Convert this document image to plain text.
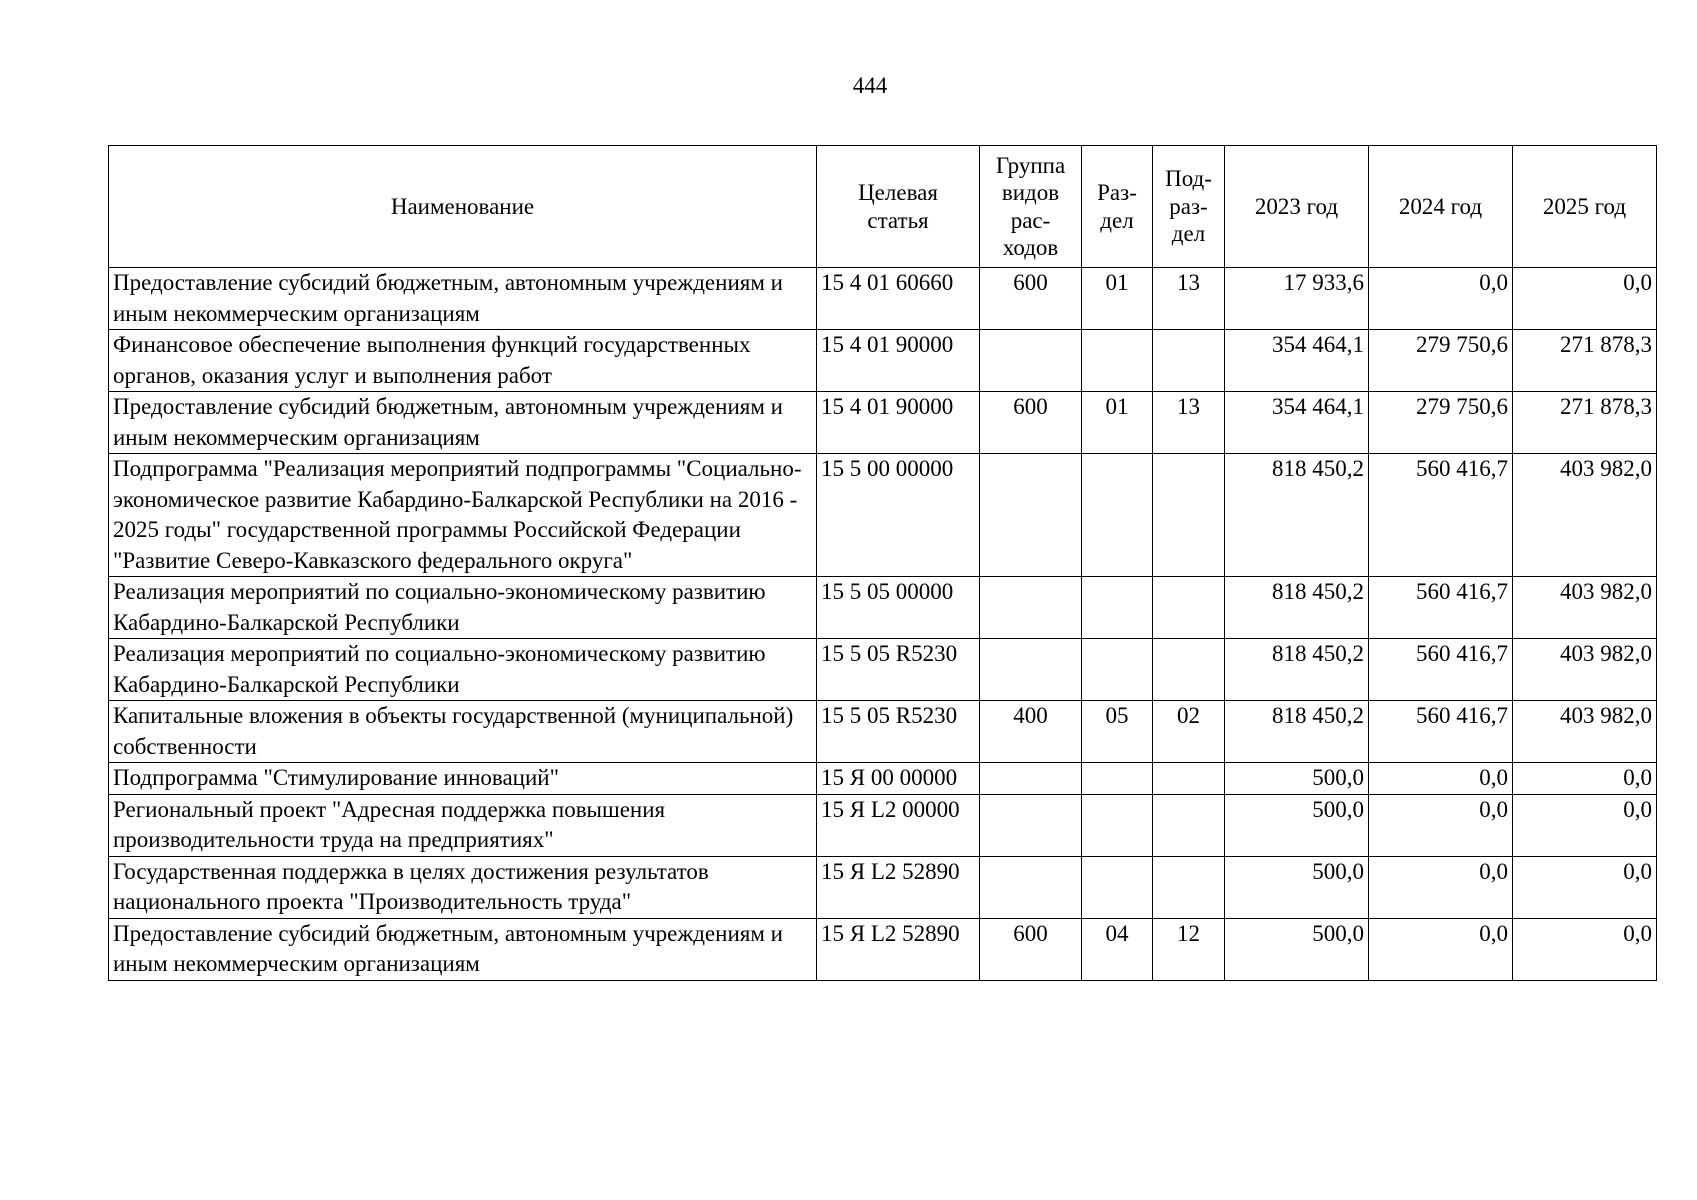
444
Наименование	Целевая статья	Группа видов рас-ходов	Раз-дел	Под-раз-дел	2023 год	2024 год	2025 год
Предоставление субсидий бюджетным, автономным учреждениям и иным некоммерческим организациям	15 4 01 60660	600	01	13	17 933,6	0,0	0,0
Финансовое обеспечение выполнения функций государственных органов, оказания услуг и выполнения работ	15 4 01 90000				354 464,1	279 750,6	271 878,3
Предоставление субсидий бюджетным, автономным учреждениям и иным некоммерческим организациям	15 4 01 90000	600	01	13	354 464,1	279 750,6	271 878,3
Подпрограмма "Реализация мероприятий подпрограммы "Социально-экономическое развитие Кабардино-Балкарской Республики на 2016 - 2025 годы" государственной программы Российской Федерации "Развитие Северо-Кавказского федерального округа"	15 5 00 00000				818 450,2	560 416,7	403 982,0
Реализация мероприятий по социально-экономическому развитию Кабардино-Балкарской Республики	15 5 05 00000				818 450,2	560 416,7	403 982,0
Реализация мероприятий по социально-экономическому развитию Кабардино-Балкарской Республики	15 5 05 R5230				818 450,2	560 416,7	403 982,0
Капитальные вложения в объекты государственной (муниципальной) собственности	15 5 05 R5230	400	05	02	818 450,2	560 416,7	403 982,0
Подпрограмма "Стимулирование инноваций"	15 Я 00 00000				500,0	0,0	0,0
Региональный проект "Адресная поддержка повышения производительности труда на предприятиях"	15 Я L2 00000				500,0	0,0	0,0
Государственная поддержка в целях достижения результатов национального проекта "Производительность труда"	15 Я L2 52890				500,0	0,0	0,0
Предоставление субсидий бюджетным, автономным учреждениям и иным некоммерческим организациям	15 Я L2 52890	600	04	12	500,0	0,0	0,0
